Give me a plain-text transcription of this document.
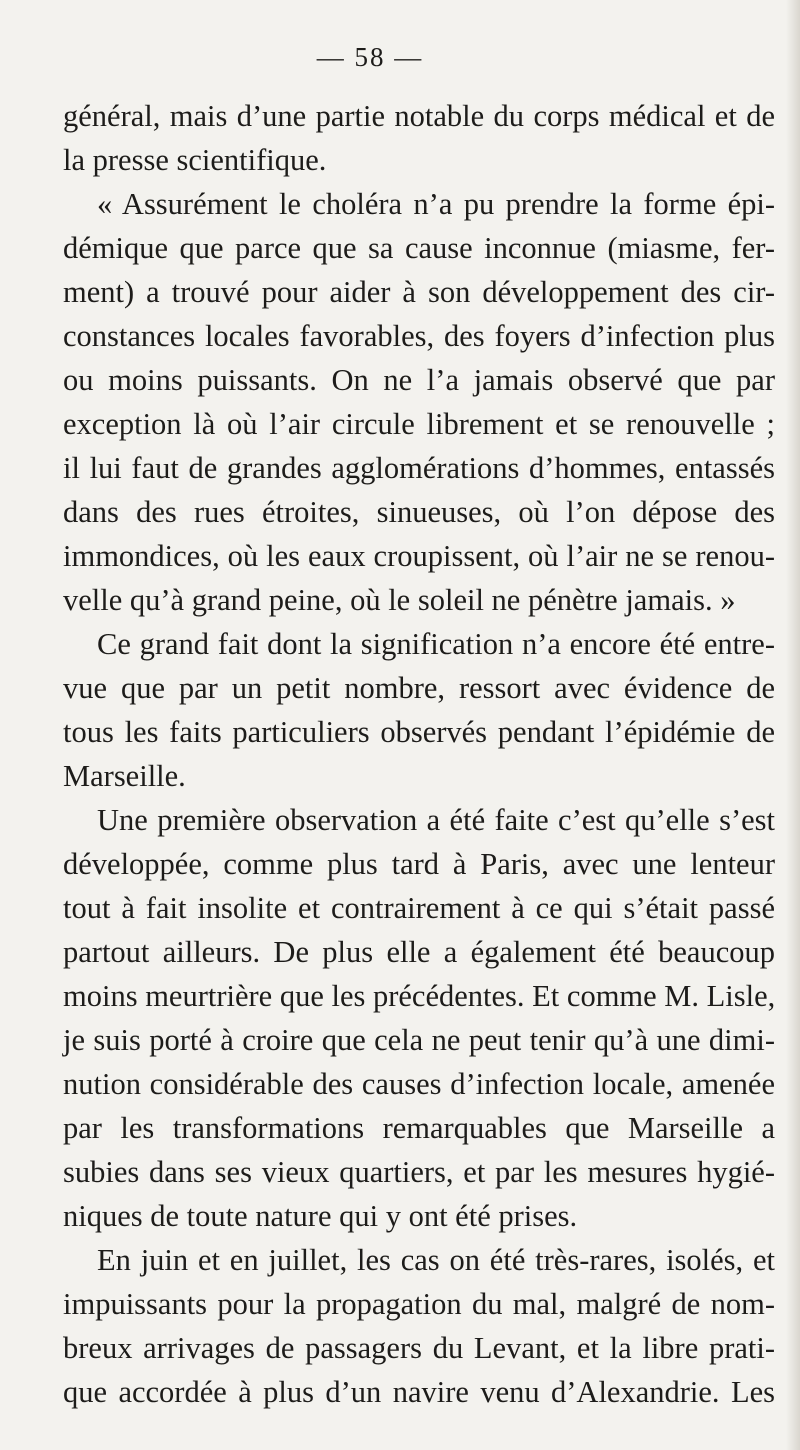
— 58 —
général, mais d’une partie notable du corps médical et de
la presse scientifique.
« Assurément le choléra n’a pu prendre la forme épi-
démique que parce que sa cause inconnue (miasme, fer-
ment) a trouvé pour aider à son développement des cir-
constances locales favorables, des foyers d’infection plus
ou moins puissants. On ne l’a jamais observé que par
exception là où l’air circule librement et se renouvelle ;
il lui faut de grandes agglomérations d’hommes, entassés
dans des rues étroites, sinueuses, où l’on dépose des
immondices, où les eaux croupissent, où l’air ne se renou-
velle qu’à grand peine, où le soleil ne pénètre jamais. »
Ce grand fait dont la signification n’a encore été entre-
vue que par un petit nombre, ressort avec évidence de
tous les faits particuliers observés pendant l’épidémie de
Marseille.
Une première observation a été faite c’est qu’elle s’est
développée, comme plus tard à Paris, avec une lenteur
tout à fait insolite et contrairement à ce qui s’était passé
partout ailleurs. De plus elle a également été beaucoup
moins meurtrière que les précédentes. Et comme M. Lisle,
je suis porté à croire que cela ne peut tenir qu’à une dimi-
nution considérable des causes d’infection locale, amenée
par les transformations remarquables que Marseille a
subies dans ses vieux quartiers, et par les mesures hygié-
niques de toute nature qui y ont été prises.
En juin et en juillet, les cas on été très-rares, isolés, et
impuissants pour la propagation du mal, malgré de nom-
breux arrivages de passagers du Levant, et la libre prati-
que accordée à plus d’un navire venu d’Alexandrie. Les
